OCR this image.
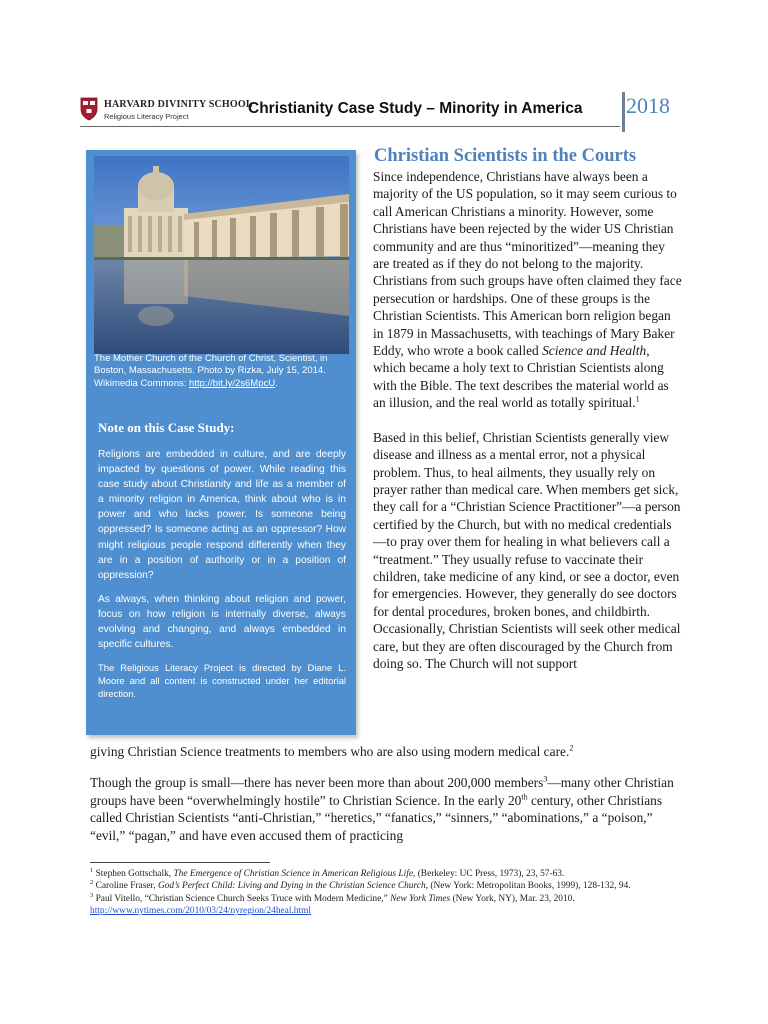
HARVARD DIVINITY SCHOOL
Religious Literacy Project	Christianity Case Study – Minority in America 2018
The Mother Church of the Church of Christ, Scientist, in Boston, Massachusetts. Photo by Rizka, July 15, 2014. Wikimedia Commons: http://bit.ly/2s6MpcU.
Note on this Case Study:

Religions are embedded in culture, and are deeply impacted by questions of power. While reading this case study about Christianity and life as a member of a minority religion in America, think about who is in power and who lacks power. Is someone being oppressed? Is someone acting as an oppressor? How might religious people respond differently when they are in a position of authority or in a position of oppression?

As always, when thinking about religion and power, focus on how religion is internally diverse, always evolving and changing, and always embedded in specific cultures.

The Religious Literacy Project is directed by Diane L. Moore and all content is constructed under her editorial direction.

Christian Scientists in the Courts

Since independence, Christians have always been a majority of the US population, so it may seem curious to call American Christians a minority. However, some Christians have been rejected by the wider US Christian community and are thus “minoritized”—meaning they are treated as if they do not belong to the majority. Christians from such groups have often claimed they face persecution or hardships. One of these groups is the Christian Scientists. This American born religion began in 1879 in Massachusetts, with teachings of Mary Baker Eddy, who wrote a book called Science and Health, which became a holy text to Christian Scientists along with the Bible. The text describes the material world as an illusion, and the real world as totally spiritual.$^1$

Based in this belief, Christian Scientists generally view disease and illness as a mental error, not a physical problem. Thus, to heal ailments, they usually rely on prayer rather than medical care. When members get sick, they call for a “Christian Science Practitioner”—a person certified by the Church, but with no medical credentials—to pray over them for healing in what believers call a “treatment.” They usually refuse to vaccinate their children, take medicine of any kind, or see a doctor, even for emergencies. However, they generally do see doctors for dental procedures, broken bones, and childbirth. Occasionally, Christian Scientists will seek other medical care, but they are often discouraged by the Church from doing so. The Church will not support

giving Christian Science treatments to members who are also using modern medical care.$^2$

Though the group is small—there has never been more than about 200,000 members$^3$—many other Christian groups have been “overwhelmingly hostile” to Christian Science. In the early 20th century, other Christians called Christian Scientists “anti-Christian,” “heretics,” “fanatics,” “sinners,” “abominations,” a “poison,” “evil,” “pagan,” and have even accused them of practicing

$^1$ Stephen Gottschalk, The Emergence of Christian Science in American Religious Life, (Berkeley: UC Press, 1973), 23, 57-63.
$^2$ Caroline Fraser, God’s Perfect Child: Living and Dying in the Christian Science Church, (New York: Metropolitan Books, 1999), 128-132, 94.
$^3$ Paul Vitello, “Christian Science Church Seeks Truce with Modern Medicine,” New York Times (New York, NY), Mar. 23, 2010.
http://www.nytimes.com/2010/03/24/nyregion/24heal.html
